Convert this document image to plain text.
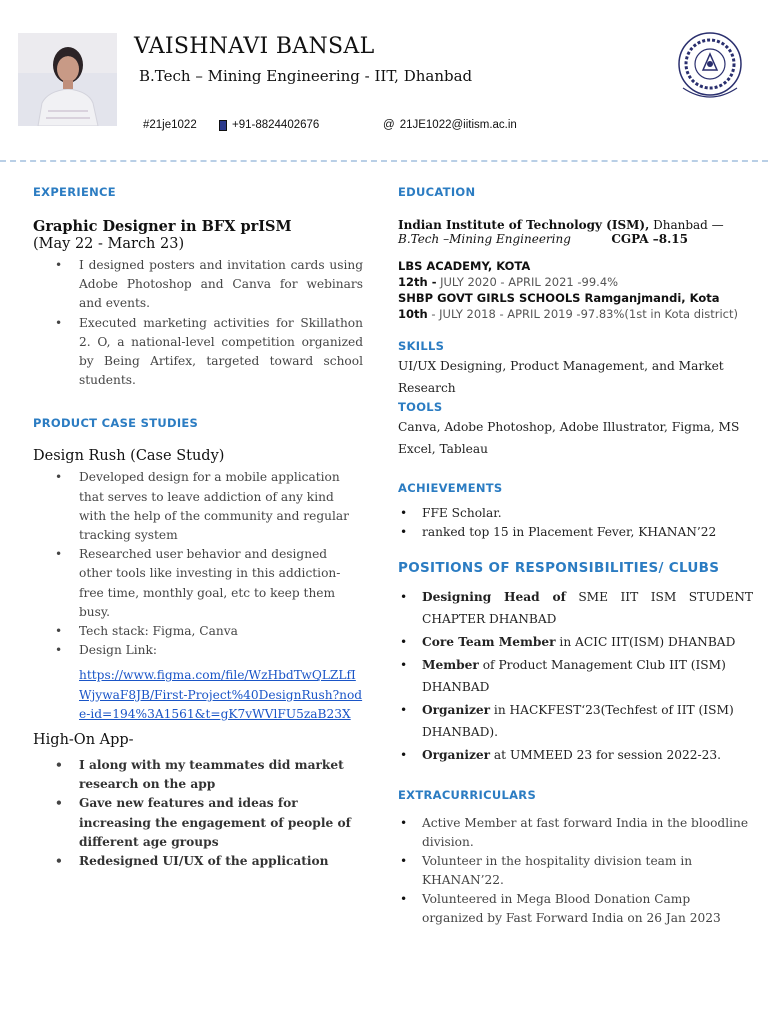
VAISHNAVI BANSAL
B.Tech – Mining Engineering - IIT, Dhanbad
#21je1022	+91-8824402676	@ 21JE1022@iitism.ac.in
EXPERIENCE
Graphic Designer in BFX prISM
(May 22 - March 23)
• I designed posters and invitation cards using Adobe Photoshop and Canva for webinars and events.
• Executed marketing activities for Skillathon 2. O, a national-level competition organized by Being Artifex, targeted toward school students.
PRODUCT CASE STUDIES
Design Rush (Case Study)
• Developed design for a mobile application that serves to leave addiction of any kind with the help of the community and regular tracking system
• Researched user behavior and designed other tools like investing in this addiction-free time, monthly goal, etc to keep them busy.
• Tech stack: Figma, Canva
• Design Link:
https://www.figma.com/file/WzHbdTwQLZLfIWjywaF8JB/First-Project%40DesignRush?node-id=194%3A1561&t=gK7vWVlFU5zaB23X
High-On App-
• I along with my teammates did market research on the app
• Gave new features and ideas for increasing the engagement of people of different age groups
• Redesigned UI/UX of the application
EDUCATION
Indian Institute of Technology (ISM), Dhanbad —
B.Tech –Mining Engineering	CGPA –8.15
LBS ACADEMY, KOTA
12th - JULY 2020 - APRIL 2021 -99.4%
SHBP GOVT GIRLS SCHOOLS Ramganjmandi, Kota
10th - JULY 2018 - APRIL 2019 -97.83%(1st in Kota district)
SKILLS
UI/UX Designing, Product Management, and Market Research
TOOLS
Canva, Adobe Photoshop, Adobe Illustrator, Figma, MS Excel, Tableau
ACHIEVEMENTS
• FFE Scholar.
• ranked top 15 in Placement Fever, KHANAN’22
POSITIONS OF RESPONSIBILITIES/ CLUBS
• Designing Head of SME IIT ISM STUDENT CHAPTER DHANBAD
• Core Team Member in ACIC IIT(ISM) DHANBAD
• Member of Product Management Club IIT (ISM) DHANBAD
• Organizer in HACKFEST‘23(Techfest of IIT (ISM) DHANBAD).
• Organizer at UMMEED 23 for session 2022-23.
EXTRACURRICULARS
• Active Member at fast forward India in the bloodline division.
• Volunteer in the hospitality division team in KHANAN’22.
• Volunteered in Mega Blood Donation Camp organized by Fast Forward India on 26 Jan 2023
